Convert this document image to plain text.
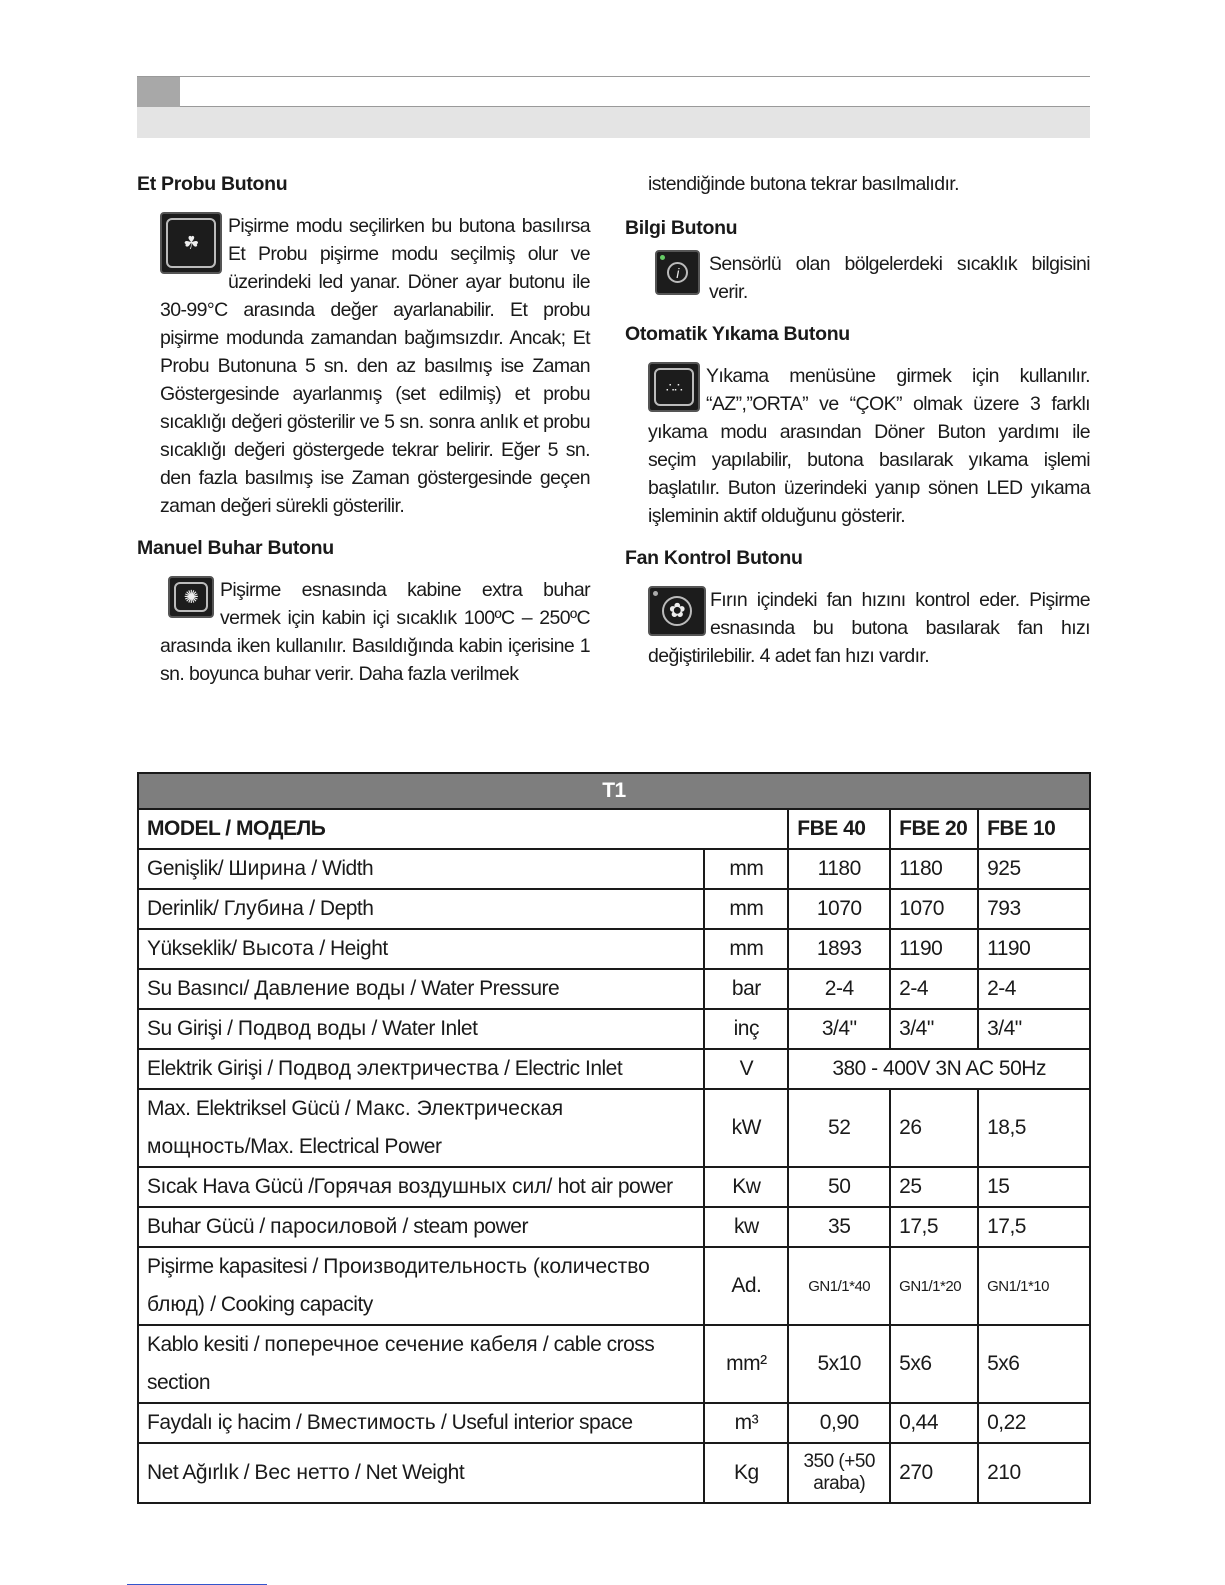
Et Probu Butonu
☘
Pişirme modu seçilirken bu butona basılırsa Et Probu pişirme modu seçilmiş olur ve üzerindeki led yanar. Döner ayar butonu ile 30-99°C arasında değer ayarlanabilir. Et probu pişirme modunda zamandan bağımsızdır. Ancak; Et Probu Butonuna 5 sn. den az basılmış ise Zaman Göstergesinde ayarlanmış (set edilmiş) et probu sıcaklığı değeri gösterilir ve 5 sn. sonra anlık et probu sıcaklığı değeri göstergede tekrar belirir. Eğer 5 sn. den fazla basılmış ise Zaman göstergesinde geçen zaman değeri sürekli gösterilir.
Manuel Buhar Butonu
✺	Pişirme esnasında kabine extra buhar vermek için kabin içi sıcaklık 100ºC – 250ºC arasında iken kullanılır. Basıldığında kabin içerisine 1 sn. boyunca buhar verir. Daha fazla verilmek
istendiğinde butona tekrar basılmalıdır.
Bilgi Butonu
i	Sensörlü olan bölgelerdeki sıcaklık bilgisini verir.
Otomatik Yıkama Butonu
∴∴	Yıkama menüsüne girmek için kullanılır. “AZ”,”ORTA” ve “ÇOK” olmak üzere 3 farklı yıkama modu arasından Döner Buton yardımı ile seçim yapılabilir, butona basılarak yıkama işlemi başlatılır. Buton üzerindeki yanıp sönen LED yıkama işleminin aktif olduğunu gösterir.
Fan Kontrol Butonu
✿	Fırın içindeki fan hızını kontrol eder. Pişirme esnasında bu butona basılarak fan hızı değiştirilebilir. 4 adet fan hızı vardır.
T1				
MODEL / МОДЕЛЬ		FBE 40	FBE 20	FBE 10
Genişlik/ Ширина / Width	mm	1180	1180	925
Derinlik/ Глубина / Depth	mm	1070	1070	793
Yükseklik/ Высота / Height	mm	1893	1190	1190
Su Basıncı/ Давление воды / Water Pressure	bar	2-4	2-4	2-4
Su Girişi / Подвод воды / Water Inlet	inç	3/4"	3/4"	3/4"
Elektrik Girişi / Подвод электричества / Electric Inlet	V	380 - 400V 3N AC 50Hz		
Max. Elektriksel Gücü / Макс. Электрическая мощность/Max. Electrical Power	kW	52	26	18,5
Sıcak Hava Gücü /Горячая воздушных сил/ hot air power	Kw	50	25	15
Buhar Gücü / паросиловой / steam power	kw	35	17,5	17,5
Pişirme kapasitesi / Производительность (количество блюд) / Cooking capacity	Ad.	GN1/1*40	GN1/1*20	GN1/1*10
Kablo kesiti / поперечное сечение кабеля / cable cross section	mm²	5x10	5x6	5x6
Faydalı iç hacim / Вместимость / Useful interior space	m³	0,90	0,44	0,22
Net Ağırlık / Вес нетто / Net Weight	Kg	350 (+50 araba)	270	210
